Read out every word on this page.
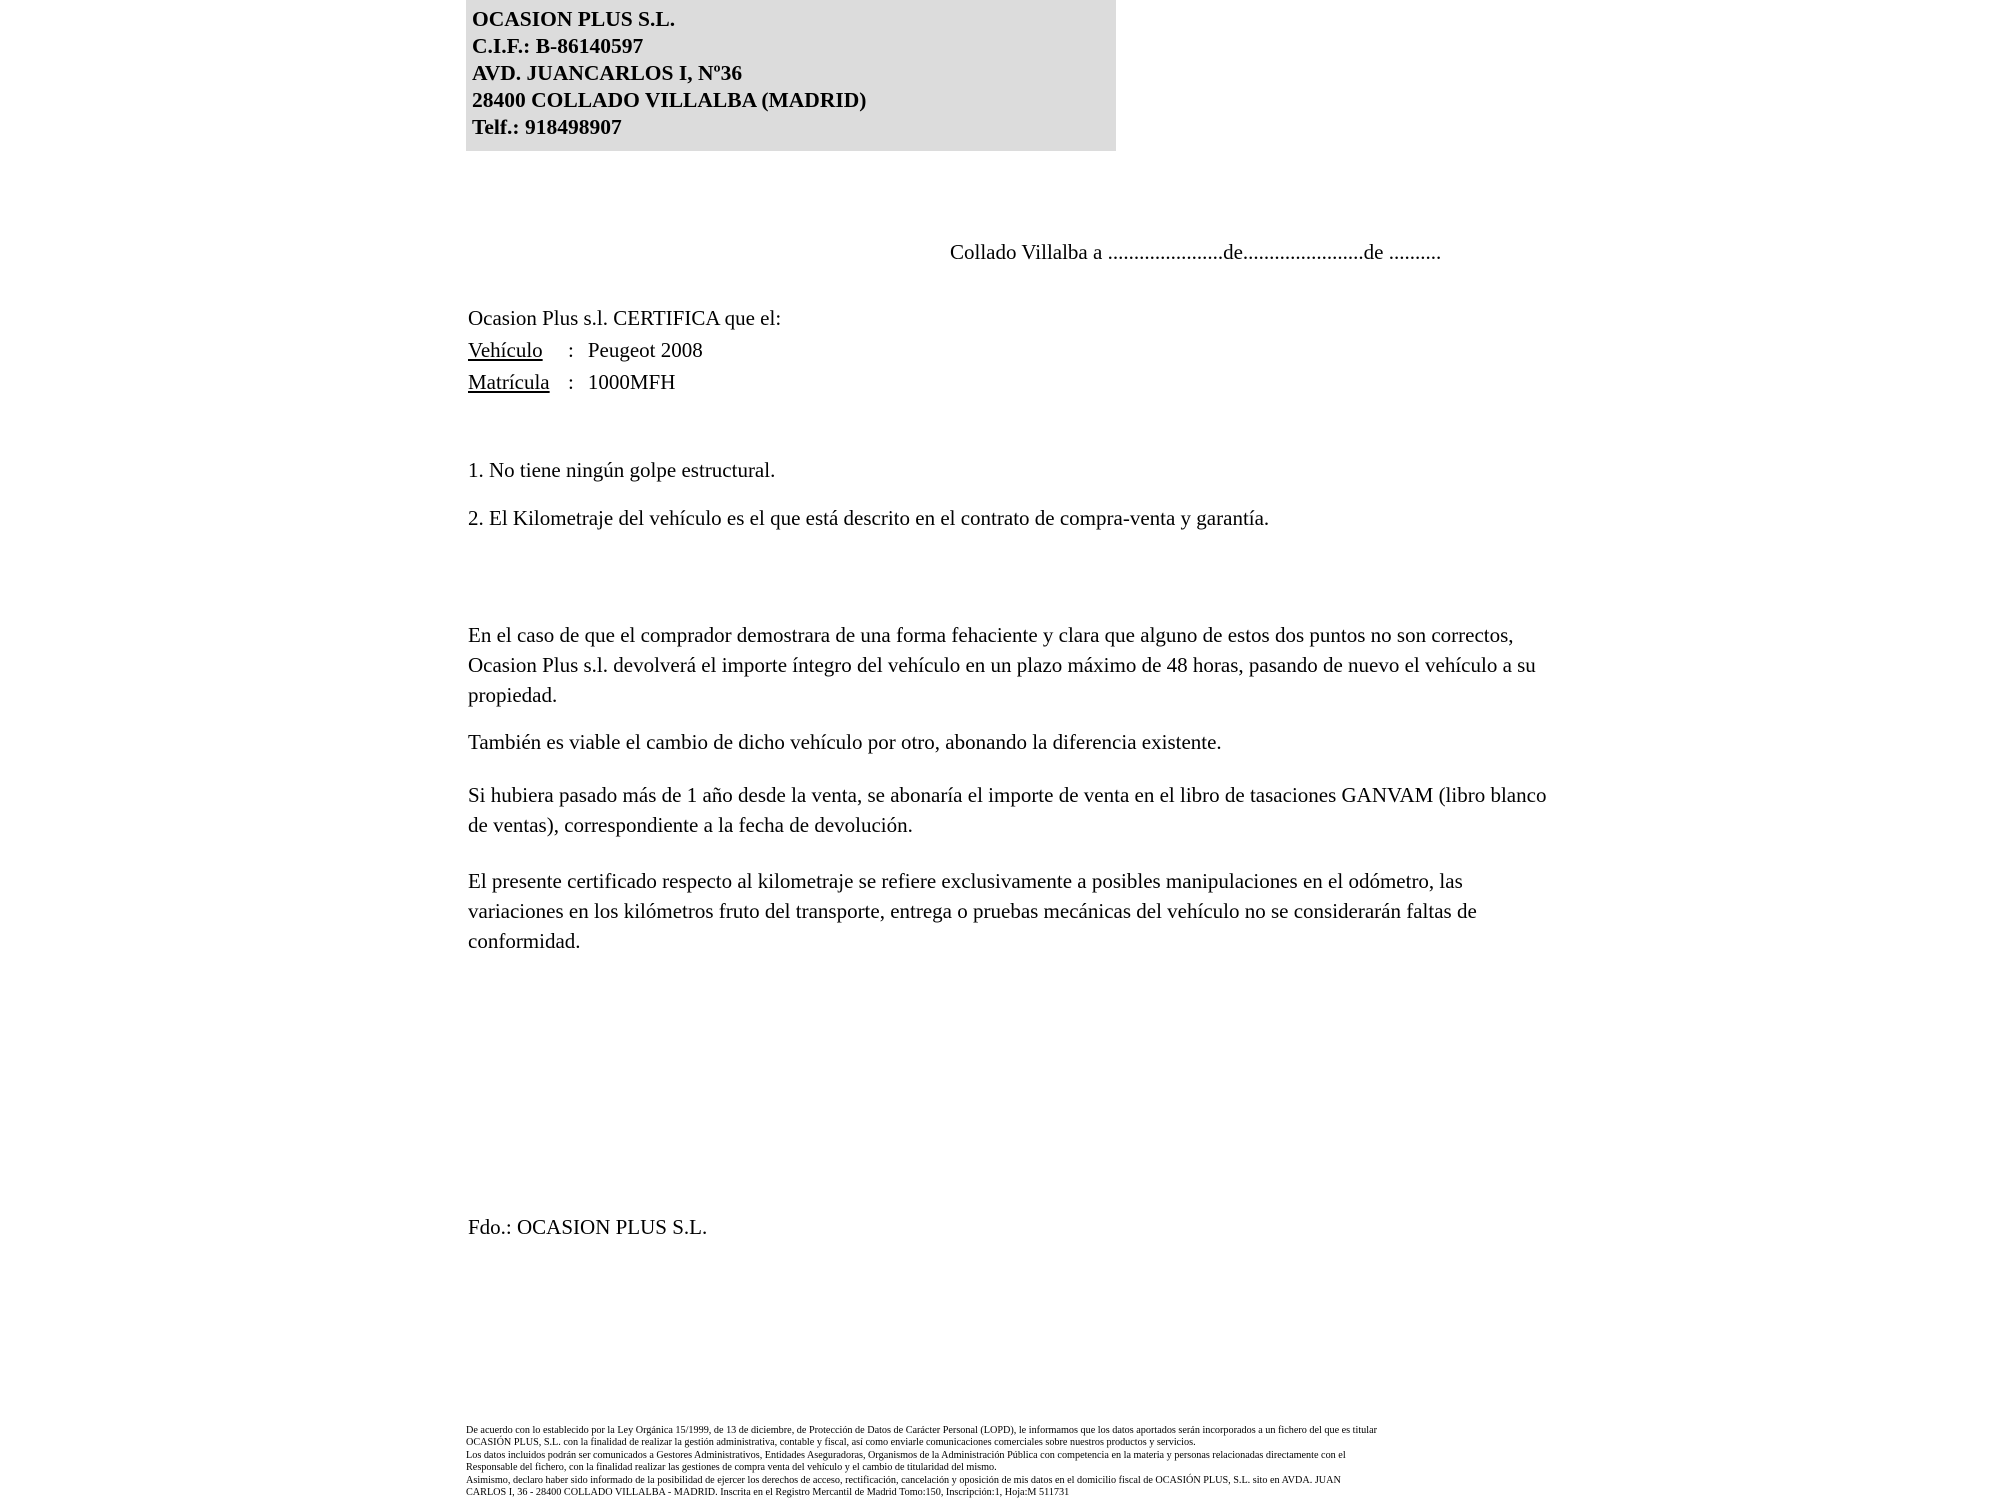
OCASION PLUS S.L.
C.I.F.: B-86140597
AVD. JUANCARLOS I, Nº36
28400 COLLADO VILLALBA (MADRID)
Telf.: 918498907
Collado Villalba a ......................de.......................de ..........
Ocasion Plus s.l. CERTIFICA que el:
Vehículo : Peugeot 2008
Matrícula : 1000MFH
1. No tiene ningún golpe estructural.
2. El Kilometraje del vehículo es el que está descrito en el contrato de compra-venta y garantía.
En el caso de que el comprador demostrara de una forma fehaciente y clara que alguno de estos dos puntos no son correctos, Ocasion Plus s.l. devolverá el importe íntegro del vehículo en un plazo máximo de 48 horas, pasando de nuevo el vehículo a su propiedad.
También es viable el cambio de dicho vehículo por otro, abonando la diferencia existente.
Si hubiera pasado más de 1 año desde la venta, se abonaría el importe de venta en el libro de tasaciones GANVAM (libro blanco de ventas), correspondiente a la fecha de devolución.
El presente certificado respecto al kilometraje se refiere exclusivamente a posibles manipulaciones en el odómetro, las variaciones en los kilómetros fruto del transporte, entrega o pruebas mecánicas del vehículo no se considerarán faltas de conformidad.
Fdo.: OCASION PLUS S.L.

De acuerdo con lo establecido por la Ley Orgánica 15/1999, de 13 de diciembre, de Protección de Datos de Carácter Personal (LOPD), le informamos que los datos aportados serán incorporados a un fichero del que es titular

OCASIÓN PLUS, S.L. con la finalidad de realizar la gestión administrativa, contable y fiscal, así como enviarle comunicaciones comerciales sobre nuestros productos y servicios.

Los datos incluidos podrán ser comunicados a Gestores Administrativos, Entidades Aseguradoras, Organismos de la Administración Pública con competencia en la materia y personas relacionadas directamente con el

Responsable del fichero, con la finalidad realizar las gestiones de compra venta del vehículo y el cambio de titularidad del mismo.

Asimismo, declaro haber sido informado de la posibilidad de ejercer los derechos de acceso, rectificación, cancelación y oposición de mis datos en el domicilio fiscal de OCASIÓN PLUS, S.L. sito en AVDA. JUAN

CARLOS I, 36 - 28400 COLLADO VILLALBA - MADRID. Inscrita en el Registro Mercantil de Madrid Tomo:150, Inscripción:1, Hoja:M 511731
